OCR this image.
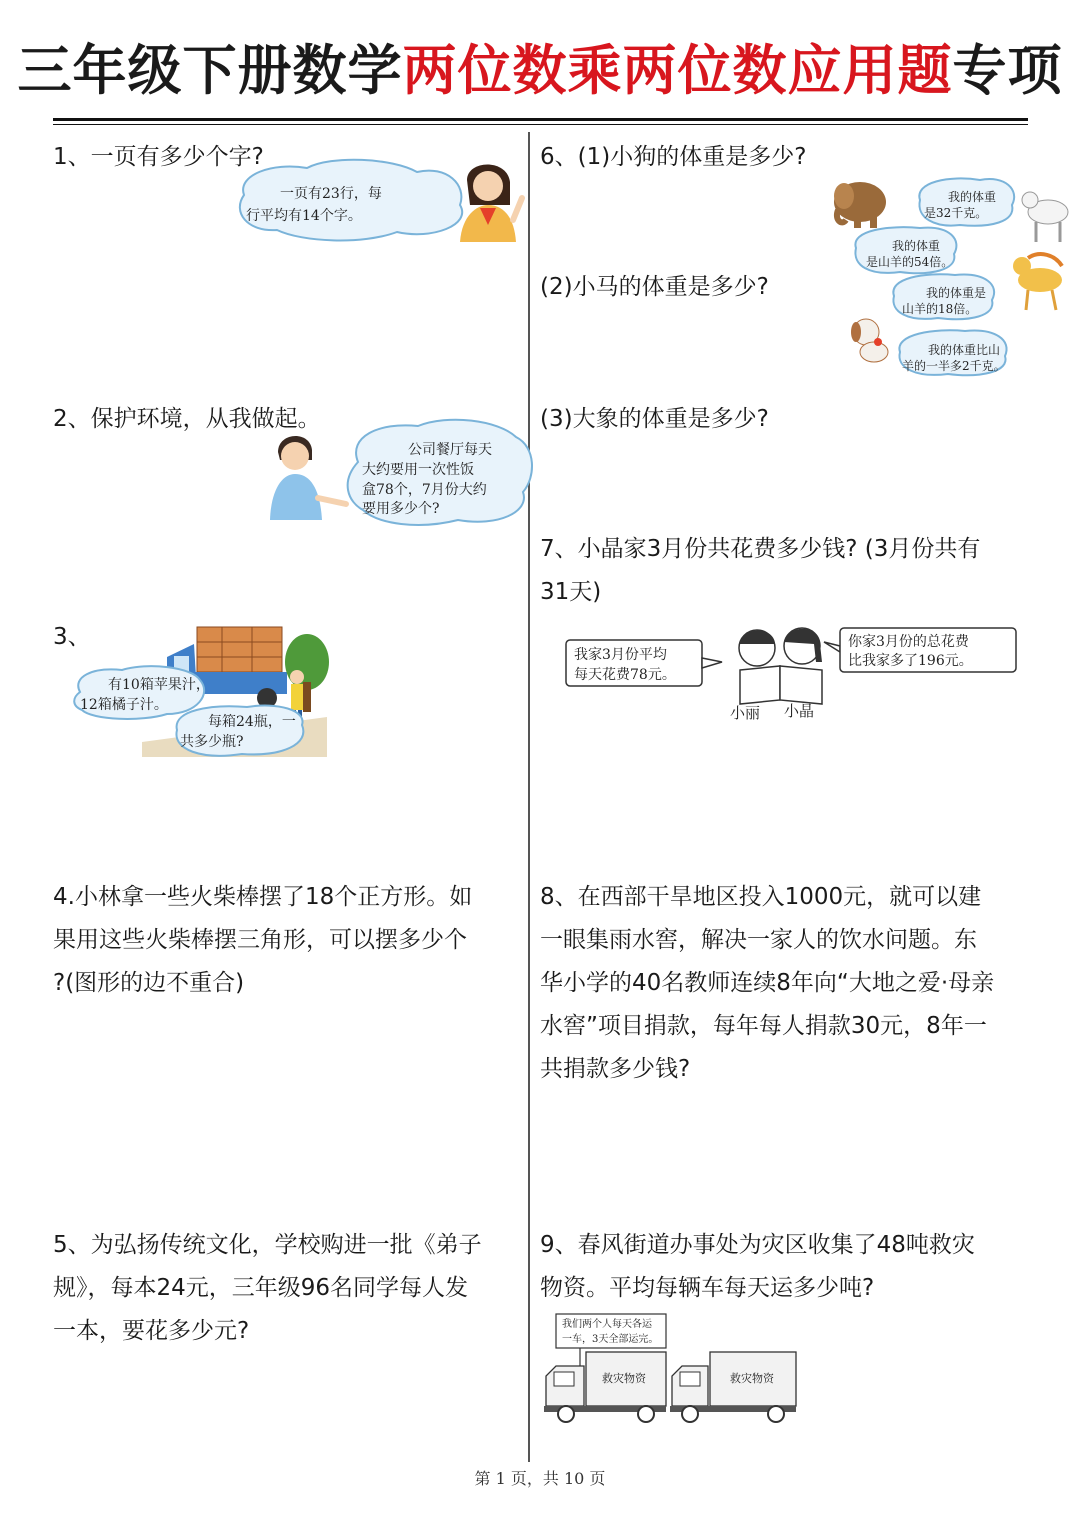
三年级下册数学两位数乘两位数应用题专项
1、一页有多少个字?
一页有23行，每
行平均有14个字。
2、保护环境，从我做起。
公司餐厅每天
大约要用一次性饭
盒78个，7月份大约
要用多少个?
3、
有10箱苹果汁，
12箱橘子汁。
每箱24瓶，一
共多少瓶?
4.小林拿一些火柴棒摆了18个正方形。如
果用这些火柴棒摆三角形，可以摆多少个
?(图形的边不重合)
5、为弘扬传统文化，学校购进一批《弟子
规》，每本24元，三年级96名同学每人发
一本，要花多少元?
6、(1)小狗的体重是多少?
(2)小马的体重是多少?
(3)大象的体重是多少?
我的体重
是32千克。
我的体重
是山羊的54倍。
我的体重是
山羊的18倍。
我的体重比山
羊的一半多2千克。
7、小晶家3月份共花费多少钱? (3月份共有
31天)
我家3月份平均
每天花费78元。
小丽 小晶
你家3月份的总花费
比我家多了196元。
8、在西部干旱地区投入1000元，就可以建
一眼集雨水窖，解决一家人的饮水问题。东
华小学的40名教师连续8年向“大地之爱·母亲
水窖”项目捐款，每年每人捐款30元，8年一
共捐款多少钱?
9、春风街道办事处为灾区收集了48吨救灾
物资。平均每辆车每天运多少吨?
我们两个人每天各运
一车，3天全部运完。
救灾物资	救灾物资
第 1 页，共 10 页
